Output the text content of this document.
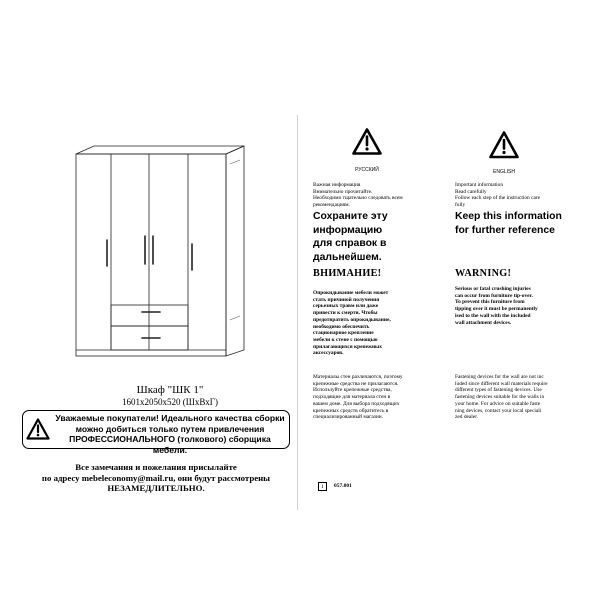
Шкаф "ШК 1"
1601х2050х520 (ШхВхГ)
Уважаемые покупатели! Идеального качества сборки
можно добиться только путем привлечения
ПРОФЕССИОНАЛЬНОГО (толкового) сборщика мебели.
Все замечания и пожелания присылайте
по адресу mebeleconomy@mail.ru, они будут рассмотрены
НЕЗАМЕДЛИТЕЛЬНО.
РУССКИЙ
Важная информация
Внимательно прочитайте.
Необходимо тщательно следовать всем
рекомендациям.
Сохраните эту
информацию
для справок в
дальнейшем.
ВНИМАНИЕ!
Опрокидывание мебели может
стать причиной получения
серьезных травм или даже
привести к смерти. Чтобы
предотвратить опрокидывание,
необходимо обеспечить
стационарное крепление
мебели к стене с помощью
прилагающихся крепежных
аксессуаров.
Материалы стен различаются, поэтому
крепежные средства не прилагаются.
Используйте крепежные средства,
подходящие для материала стен в
вашем доме. Для выбора подходящих
крепежных средств обратитесь в
специализированный магазин.
ENGLISH
Important information
Read carefully
Follow each step of the instruction care
fully
Keep this information
for further reference
WARNING!
Serious or fatal crushing injuries
can occur from furniture tip-over.
To prevent this furniture from
tipping over it must be permanently
ised to the wall with the included
wall attachment devices.
Fastening devices for the wall are not inc
luded since different wall materials require
different types of fastening devices. Use
fastening devices suitable for the walls in
your home. For advice on suitable faste
ning devices, contact your local speciali
zed dealer.
1	057.001
